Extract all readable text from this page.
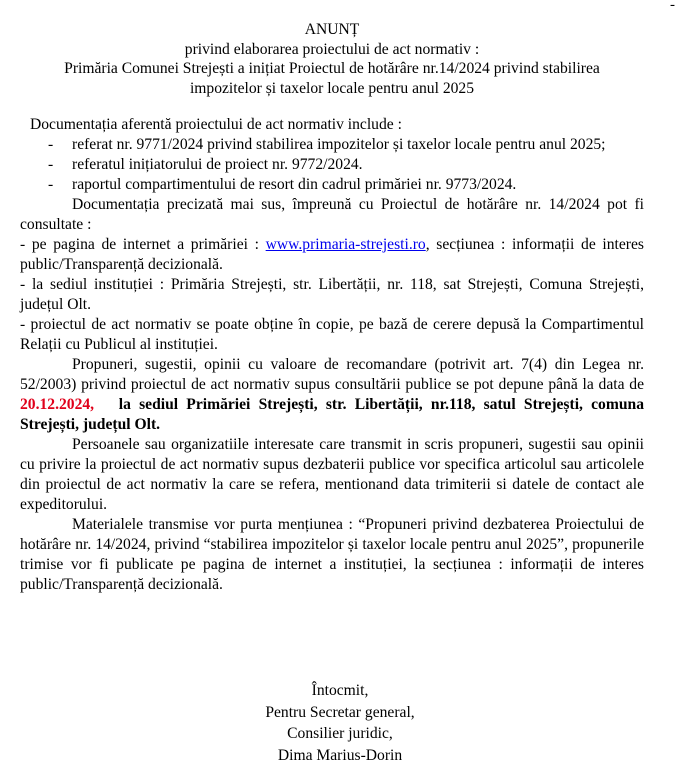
-
ANUNȚ
privind elaborarea proiectului de act normativ :
Primăria Comunei Strejești a inițiat Proiectul de hotărâre nr.14/2024 privind stabilirea
impozitelor și taxelor locale pentru anul 2025
Documentația aferentă proiectului de act normativ include :
- referat nr. 9771/2024 privind stabilirea impozitelor și taxelor locale pentru anul 2025;
- referatul inițiatorului de proiect nr. 9772/2024.
- raportul compartimentului de resort din cadrul primăriei nr. 9773/2024.

Documentația precizată mai sus, împreună cu Proiectul de hotărâre nr. 14/2024 pot fi consultate :

- pe pagina de internet a primăriei : www.primaria-strejesti.ro, secțiunea : informații de interes public/Transparență decizională.

- la sediul instituției : Primăria Strejești, str. Libertății, nr. 118, sat Strejești, Comuna Strejești, județul Olt.

- proiectul de act normativ se poate obține în copie, pe bază de cerere depusă la Compartimentul Relații cu Publicul al instituției.

Propuneri, sugestii, opinii cu valoare de recomandare (potrivit art. 7(4) din Legea nr. 52/2003) privind proiectul de act normativ supus consultării publice se pot depune până la data de 20.12.2024, la sediul Primăriei Strejești, str. Libertății, nr.118, satul Strejești, comuna Strejești, județul Olt.

Persoanele sau organizatiile interesate care transmit in scris propuneri, sugestii sau opinii cu privire la proiectul de act normativ supus dezbaterii publice vor specifica articolul sau articolele din proiectul de act normativ la care se refera, mentionand data trimiterii si datele de contact ale expeditorului.

Materialele transmise vor purta mențiunea : “Propuneri privind dezbaterea Proiectului de hotărâre nr. 14/2024, privind “stabilirea impozitelor și taxelor locale pentru anul 2025”, propunerile trimise vor fi publicate pe pagina de internet a instituției, la secțiunea : informații de interes public/Transparență decizională.

Întocmit,
Pentru Secretar general,
Consilier juridic,
Dima Marius-Dorin
